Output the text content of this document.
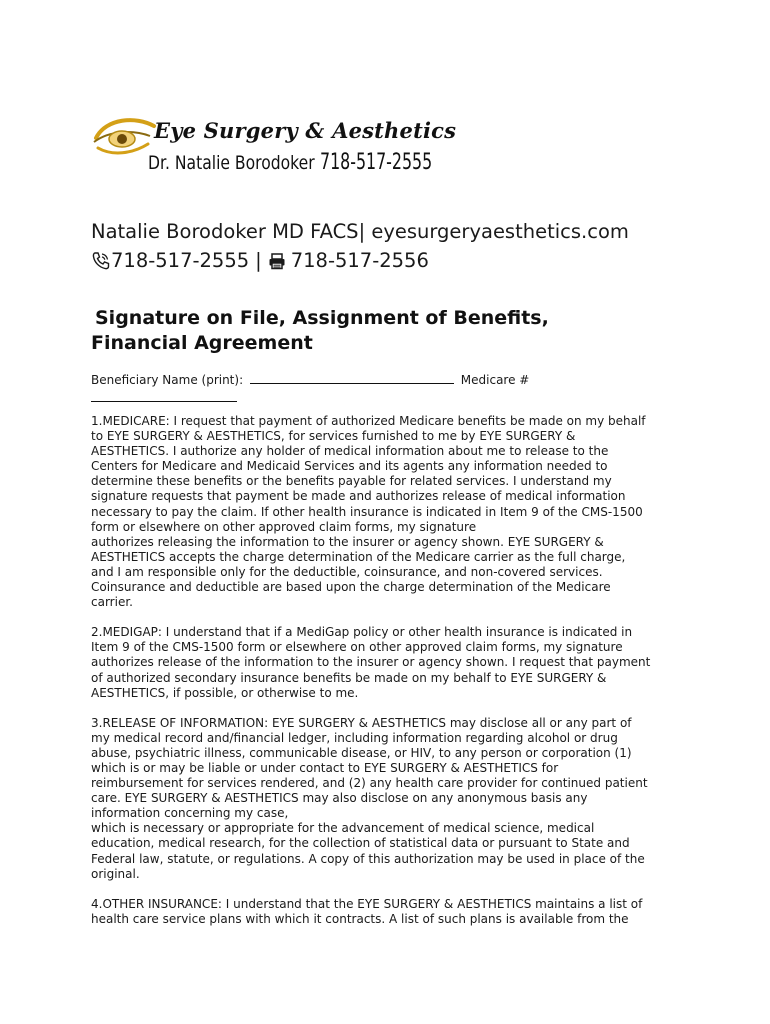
Eye Surgery & Aesthetics
Dr. Natalie Borodoker 718-517-2555
Natalie Borodoker MD FACS| eyesurgeryaesthetics.com
718-517-2555 | 718-517-2556
Signature on File, Assignment of Benefits,
Financial Agreement
Beneficiary Name (print):	Medicare #
1.MEDICARE: I request that payment of authorized Medicare benefits be made on my behalf
to EYE SURGERY & AESTHETICS, for services furnished to me by EYE SURGERY &
AESTHETICS. I authorize any holder of medical information about me to release to the
Centers for Medicare and Medicaid Services and its agents any information needed to
determine these benefits or the benefits payable for related services. I understand my
signature requests that payment be made and authorizes release of medical information
necessary to pay the claim. If other health insurance is indicated in Item 9 of the CMS-1500
form or elsewhere on other approved claim forms, my signature
authorizes releasing the information to the insurer or agency shown. EYE SURGERY &
AESTHETICS accepts the charge determination of the Medicare carrier as the full charge,
and I am responsible only for the deductible, coinsurance, and non-covered services.
Coinsurance and deductible are based upon the charge determination of the Medicare
carrier.
2.MEDIGAP: I understand that if a MediGap policy or other health insurance is indicated in
Item 9 of the CMS-1500 form or elsewhere on other approved claim forms, my signature
authorizes release of the information to the insurer or agency shown. I request that payment
of authorized secondary insurance benefits be made on my behalf to EYE SURGERY &
AESTHETICS, if possible, or otherwise to me.
3.RELEASE OF INFORMATION: EYE SURGERY & AESTHETICS may disclose all or any part of
my medical record and/financial ledger, including information regarding alcohol or drug
abuse, psychiatric illness, communicable disease, or HIV, to any person or corporation (1)
which is or may be liable or under contact to EYE SURGERY & AESTHETICS for
reimbursement for services rendered, and (2) any health care provider for continued patient
care. EYE SURGERY & AESTHETICS may also disclose on any anonymous basis any
information concerning my case,
which is necessary or appropriate for the advancement of medical science, medical
education, medical research, for the collection of statistical data or pursuant to State and
Federal law, statute, or regulations. A copy of this authorization may be used in place of the
original.
4.OTHER INSURANCE: I understand that the EYE SURGERY & AESTHETICS maintains a list of
health care service plans with which it contracts. A list of such plans is available from the
